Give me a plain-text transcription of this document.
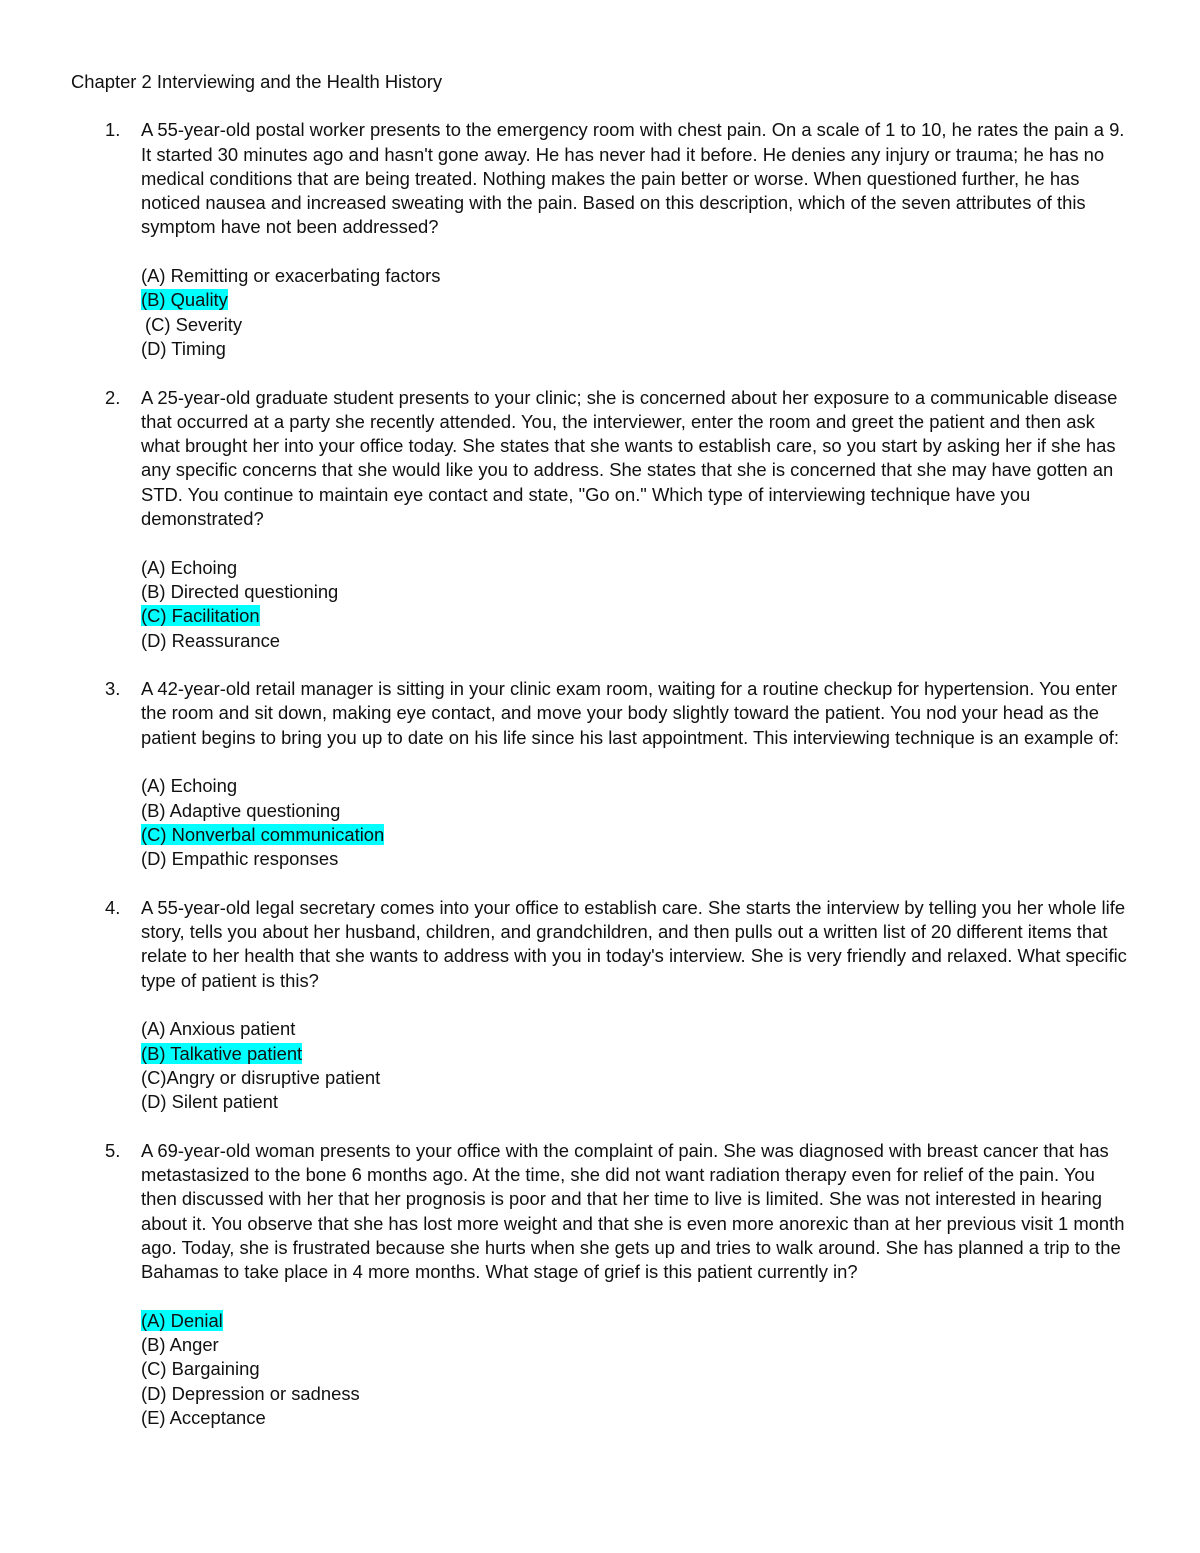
Chapter 2 Interviewing and the Health History
1. A 55-year-old postal worker presents to the emergency room with chest pain. On a scale of 1 to 10, he rates the pain a 9. It started 30 minutes ago and hasn't gone away. He has never had it before. He denies any injury or trauma; he has no medical conditions that are being treated. Nothing makes the pain better or worse. When questioned further, he has noticed nausea and increased sweating with the pain. Based on this description, which of the seven attributes of this symptom have not been addressed?

(A) Remitting or exacerbating factors
(B) Quality
(C) Severity
(D) Timing
2. A 25-year-old graduate student presents to your clinic; she is concerned about her exposure to a communicable disease that occurred at a party she recently attended. You, the interviewer, enter the room and greet the patient and then ask what brought her into your office today. She states that she wants to establish care, so you start by asking her if she has any specific concerns that she would like you to address. She states that she is concerned that she may have gotten an STD. You continue to maintain eye contact and state, "Go on." Which type of interviewing technique have you demonstrated?

(A) Echoing
(B) Directed questioning
(C) Facilitation
(D) Reassurance
3. A 42-year-old retail manager is sitting in your clinic exam room, waiting for a routine checkup for hypertension. You enter the room and sit down, making eye contact, and move your body slightly toward the patient. You nod your head as the patient begins to bring you up to date on his life since his last appointment. This interviewing technique is an example of:

(A) Echoing
(B) Adaptive questioning
(C) Nonverbal communication
(D) Empathic responses
4. A 55-year-old legal secretary comes into your office to establish care. She starts the interview by telling you her whole life story, tells you about her husband, children, and grandchildren, and then pulls out a written list of 20 different items that relate to her health that she wants to address with you in today's interview. She is very friendly and relaxed. What specific type of patient is this?

(A) Anxious patient
(B) Talkative patient
(C)Angry or disruptive patient
(D) Silent patient
5. A 69-year-old woman presents to your office with the complaint of pain. She was diagnosed with breast cancer that has metastasized to the bone 6 months ago. At the time, she did not want radiation therapy even for relief of the pain. You then discussed with her that her prognosis is poor and that her time to live is limited. She was not interested in hearing about it. You observe that she has lost more weight and that she is even more anorexic than at her previous visit 1 month ago. Today, she is frustrated because she hurts when she gets up and tries to walk around. She has planned a trip to the Bahamas to take place in 4 more months. What stage of grief is this patient currently in?

(A) Denial
(B) Anger
(C) Bargaining
(D) Depression or sadness
(E) Acceptance
